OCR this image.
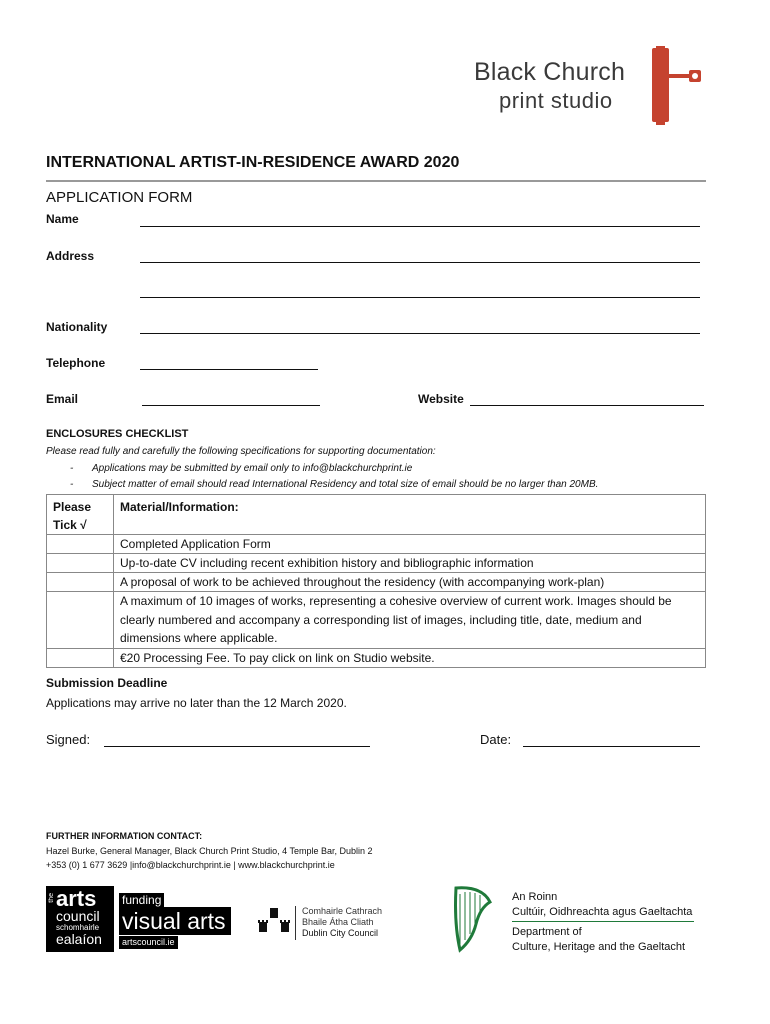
Black Church
print studio
INTERNATIONAL ARTIST-IN-RESIDENCE AWARD 2020
APPLICATION FORM
Name
Address
Nationality
Telephone
Email	Website
ENCLOSURES CHECKLIST
Please read fully and carefully the following specifications for supporting documentation:
- Applications may be submitted by email only to info@blackchurchprint.ie
- Subject matter of email should read International Residency and total size of email should be no larger than 20MB.
Please
Tick √	Material/Information:

	Completed Application Form
	Up-to-date CV including recent exhibition history and bibliographic information
	A proposal of work to be achieved throughout the residency (with accompanying work-plan)
	A maximum of 10 images of works, representing a cohesive overview of current work. Images should be clearly numbered and accompany a corresponding list of images, including title, date, medium and dimensions where applicable.
	€20 Processing Fee. To pay click on link on Studio website.
Submission Deadline
Applications may arrive no later than the 12 March 2020.
Signed:	Date:
FURTHER INFORMATION CONTACT:
Hazel Burke, General Manager, Black Church Print Studio, 4 Temple Bar, Dublin 2
+353 (0) 1 677 3629 |info@blackchurchprint.ie | www.blackchurchprint.ie
the arts
council
schomhairle
ealaíon
funding
visual arts
artscouncil.ie
Comhairle Cathrach
Bhaile Átha Cliath
Dublin City Council
An Roinn
Cultúir, Oidhreachta agus Gaeltachta
Department of
Culture, Heritage and the Gaeltacht
